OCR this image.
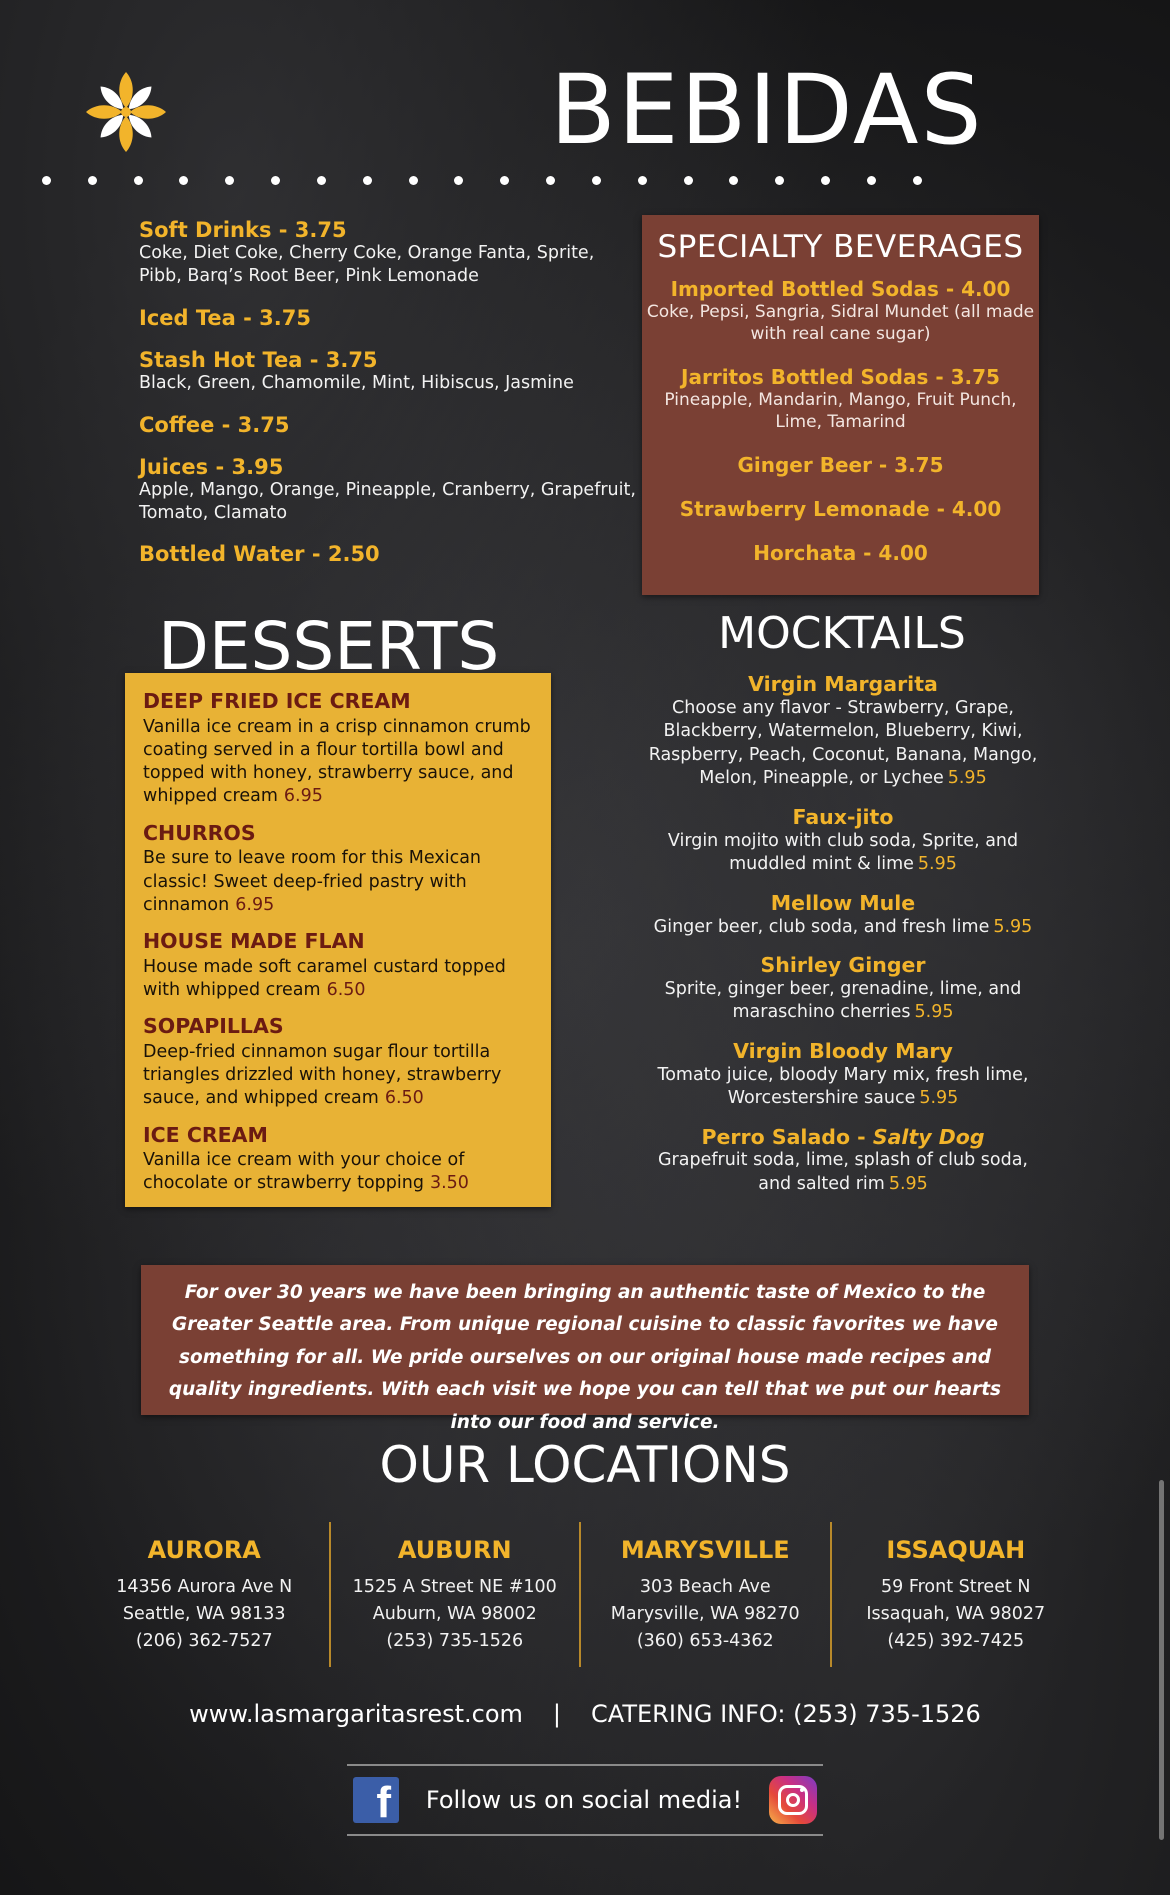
BEBIDAS
Soft Drinks - 3.75
Coke, Diet Coke, Cherry Coke, Orange Fanta, Sprite, Pibb, Barq’s Root Beer, Pink Lemonade
Iced Tea - 3.75
Stash Hot Tea - 3.75
Black, Green, Chamomile, Mint, Hibiscus, Jasmine
Coffee - 3.75
Juices - 3.95
Apple, Mango, Orange, Pineapple, Cranberry, Grapefruit, Tomato, Clamato
Bottled Water - 2.50
SPECIALTY BEVERAGES
Imported Bottled Sodas - 4.00
Coke, Pepsi, Sangria, Sidral Mundet (all made with real cane sugar)
Jarritos Bottled Sodas - 3.75
Pineapple, Mandarin, Mango, Fruit Punch, Lime, Tamarind
Ginger Beer - 3.75
Strawberry Lemonade - 4.00
Horchata - 4.00
DEEP FRIED ICE CREAM
Vanilla ice cream in a crisp cinnamon crumb coating served in a flour tortilla bowl and topped with honey, strawberry sauce, and whipped cream 6.95
CHURROS
Be sure to leave room for this Mexican classic! Sweet deep-fried pastry with cinnamon 6.95
HOUSE MADE FLAN
House made soft caramel custard topped with whipped cream 6.50
SOPAPILLAS
Deep-fried cinnamon sugar flour tortilla triangles drizzled with honey, strawberry sauce, and whipped cream 6.50
ICE CREAM
Vanilla ice cream with your choice of chocolate or strawberry topping 3.50
DESSERTS	MOCKTAILS
Virgin Margarita
Choose any flavor - Strawberry, Grape, Blackberry, Watermelon, Blueberry, Kiwi, Raspberry, Peach, Coconut, Banana, Mango, Melon, Pineapple, or Lychee 5.95
Faux-jito
Virgin mojito with club soda, Sprite, and muddled mint & lime 5.95
Mellow Mule
Ginger beer, club soda, and fresh lime 5.95
Shirley Ginger
Sprite, ginger beer, grenadine, lime, and maraschino cherries 5.95
Virgin Bloody Mary
Tomato juice, bloody Mary mix, fresh lime, Worcestershire sauce 5.95
Perro Salado - Salty Dog
Grapefruit soda, lime, splash of club soda, and salted rim 5.95
For over 30 years we have been bringing an authentic taste of Mexico to the Greater Seattle area. From unique regional cuisine to classic favorites we have something for all. We pride ourselves on our original house made recipes and quality ingredients. With each visit we hope you can tell that we put our hearts into our food and service.
OUR LOCATIONS
AURORA
14356 Aurora Ave N
Seattle, WA 98133
(206) 362-7527
AUBURN
1525 A Street NE #100
Auburn, WA 98002
(253) 735-1526
MARYSVILLE
303 Beach Ave
Marysville, WA 98270
(360) 653-4362
ISSAQUAH
59 Front Street N
Issaquah, WA 98027
(425) 392-7425
www.lasmargaritasrest.com | CATERING INFO: (253) 735-1526
f Follow us on social media!
